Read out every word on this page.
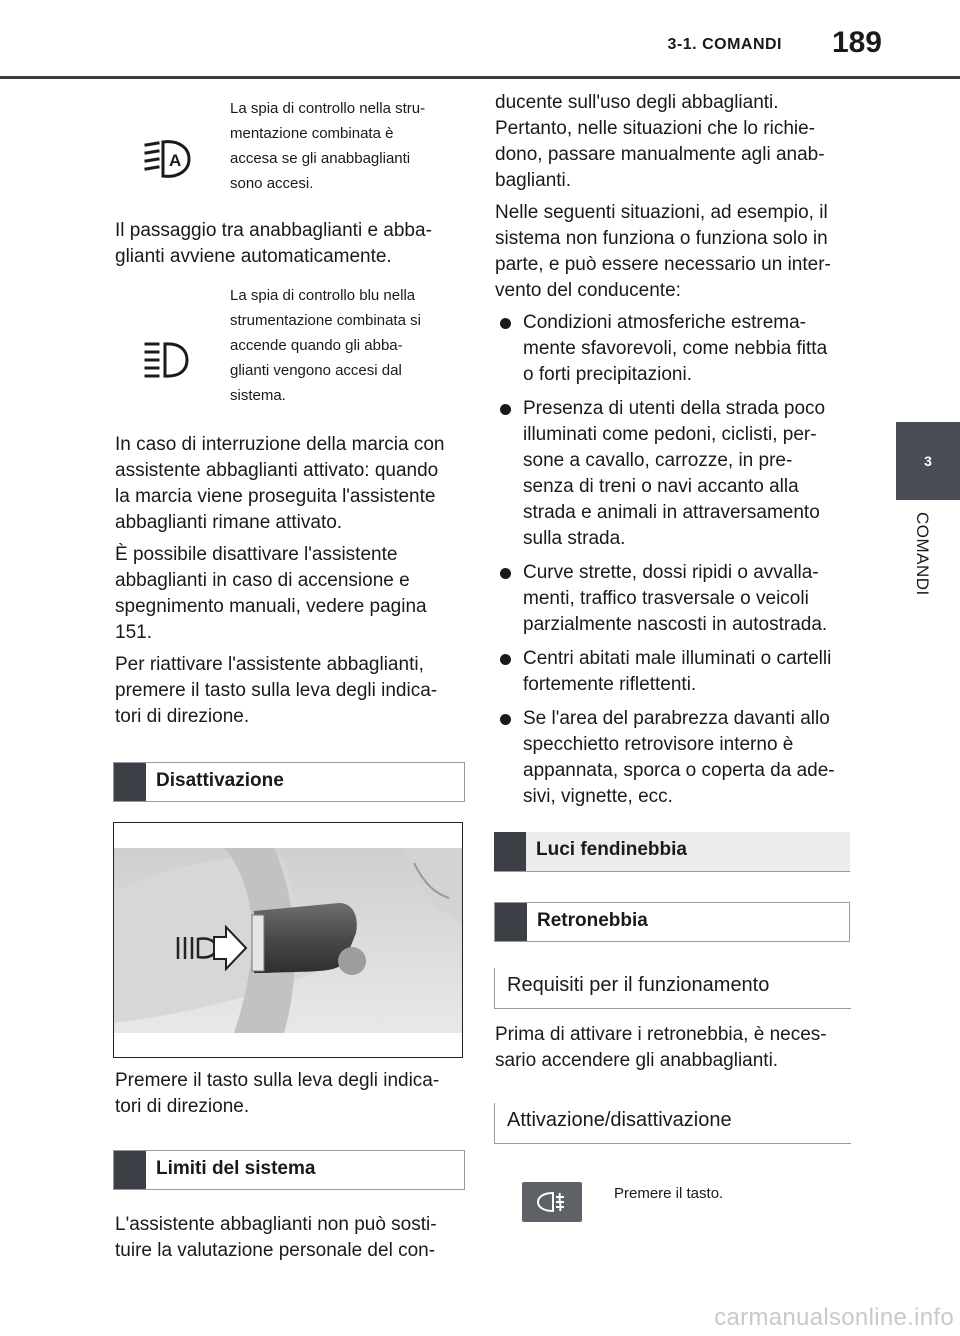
3-1. COMANDI 189
3
COMANDI
A
La spia di controllo nella stru-
mentazione combinata è
accesa se gli anabbaglianti
sono accesi.
Il passaggio tra anabbaglianti e abba-
glianti avviene automaticamente.
La spia di controllo blu nella
strumentazione combinata si
accende quando gli abba-
glianti vengono accesi dal
sistema.
In caso di interruzione della marcia con
assistente abbaglianti attivato: quando
la marcia viene proseguita l'assistente
abbaglianti rimane attivato.
È possibile disattivare l'assistente
abbaglianti in caso di accensione e
spegnimento manuali, vedere pagina
151.
Per riattivare l'assistente abbaglianti,
premere il tasto sulla leva degli indica-
tori di direzione.
Disattivazione
Premere il tasto sulla leva degli indica-
tori di direzione.
Limiti del sistema
L'assistente abbaglianti non può sosti-
tuire la valutazione personale del con-
ducente sull'uso degli abbaglianti.
Pertanto, nelle situazioni che lo richie-
dono, passare manualmente agli anab-
baglianti.
Nelle seguenti situazioni, ad esempio, il
sistema non funziona o funziona solo in
parte, e può essere necessario un inter-
vento del conducente:
Condizioni atmosferiche estrema-
mente sfavorevoli, come nebbia fitta
o forti precipitazioni.
Presenza di utenti della strada poco
illuminati come pedoni, ciclisti, per-
sone a cavallo, carrozze, in pre-
senza di treni o navi accanto alla
strada e animali in attraversamento
sulla strada.
Curve strette, dossi ripidi o avvalla-
menti, traffico trasversale o veicoli
parzialmente nascosti in autostrada.
Centri abitati male illuminati o cartelli
fortemente riflettenti.
Se l'area del parabrezza davanti allo
specchietto retrovisore interno è
appannata, sporca o coperta da ade-
sivi, vignette, ecc.
Luci fendinebbia
Retronebbia
Requisiti per il funzionamento
Prima di attivare i retronebbia, è neces-
sario accendere gli anabbaglianti.
Attivazione/disattivazione
Premere il tasto.
carmanualsonline.info
